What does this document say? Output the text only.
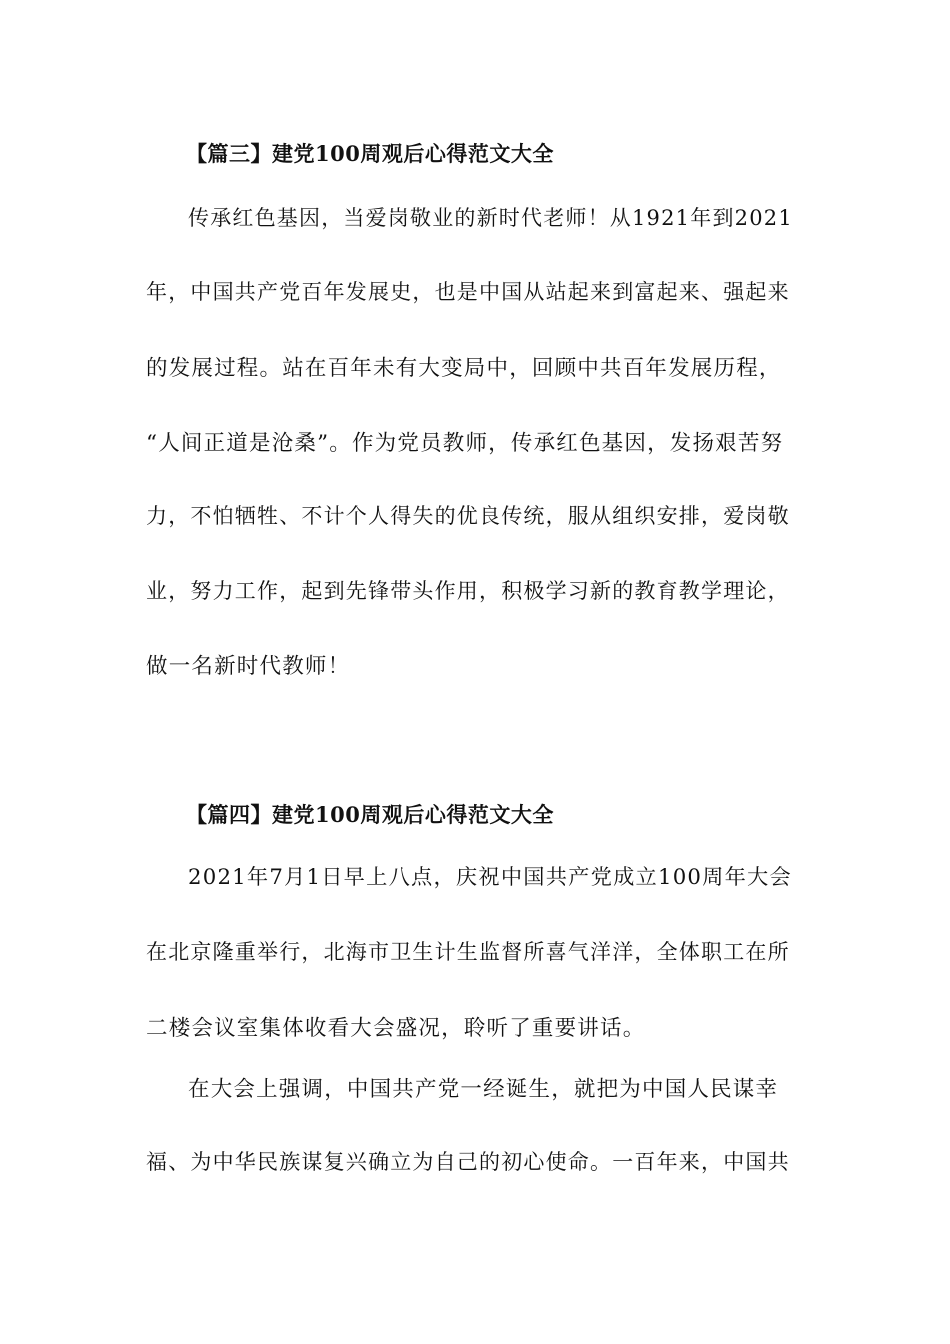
【篇三】建党100周观后心得范文大全
传承红色基因，当爱岗敬业的新时代老师！从1921年到2021
年，中国共产党百年发展史，也是中国从站起来到富起来、强起来
的发展过程。站在百年未有大变局中，回顾中共百年发展历程，
“人间正道是沧桑”。作为党员教师，传承红色基因，发扬艰苦努
力，不怕牺牲、不计个人得失的优良传统，服从组织安排，爱岗敬
业，努力工作，起到先锋带头作用，积极学习新的教育教学理论，
做一名新时代教师！
【篇四】建党100周观后心得范文大全
2021年7月1日早上八点，庆祝中国共产党成立100周年大会
在北京隆重举行，北海市卫生计生监督所喜气洋洋，全体职工在所
二楼会议室集体收看大会盛况，聆听了重要讲话。
在大会上强调，中国共产党一经诞生，就把为中国人民谋幸
福、为中华民族谋复兴确立为自己的初心使命。一百年来，中国共
